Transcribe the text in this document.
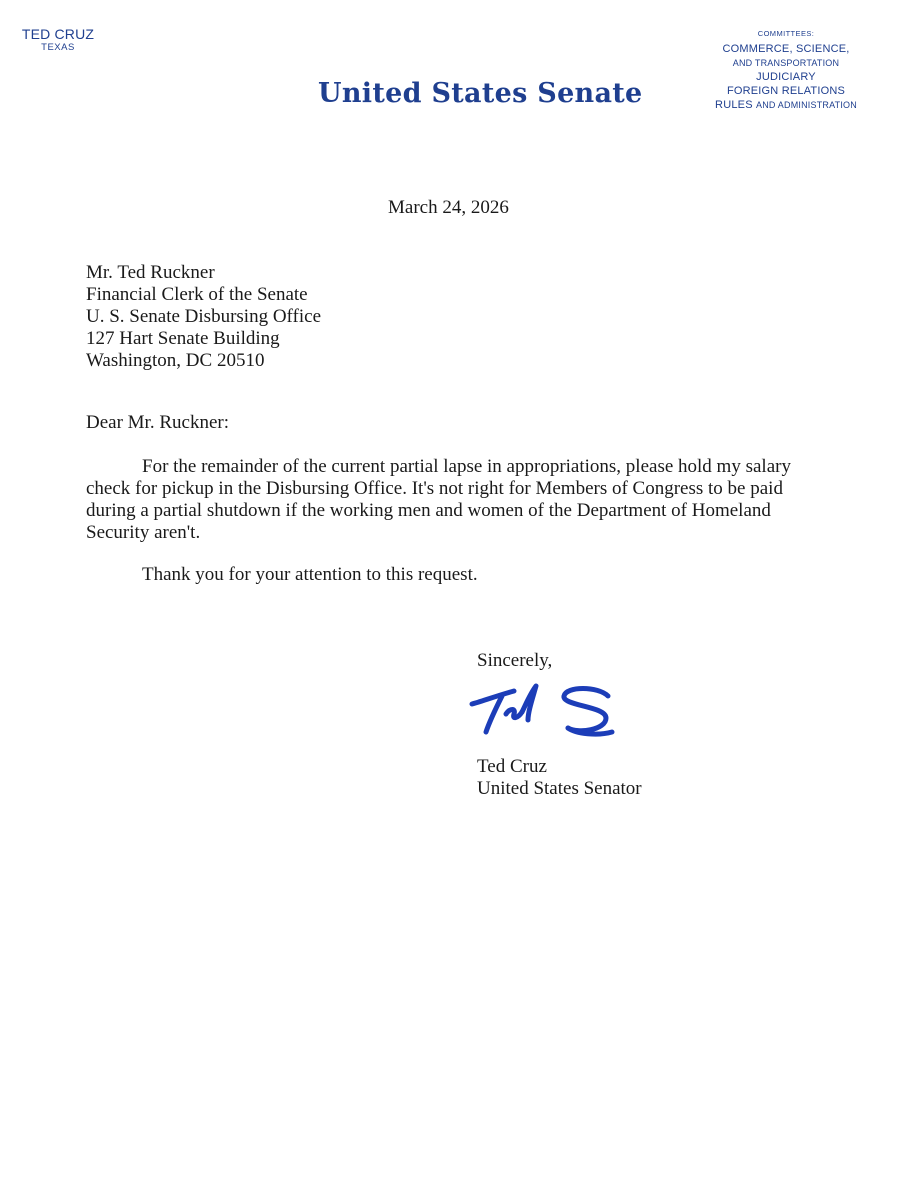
TED CRUZ
TEXAS
United States Senate
COMMITTEES:
COMMERCE, SCIENCE,
AND TRANSPORTATION
JUDICIARY
FOREIGN RELATIONS
RULES AND ADMINISTRATION
March 24, 2026
Mr. Ted Ruckner
Financial Clerk of the Senate
U. S. Senate Disbursing Office
127 Hart Senate Building
Washington, DC 20510
Dear Mr. Ruckner:

For the remainder of the current partial lapse in appropriations, please hold my salary check for pickup in the Disbursing Office. It's not right for Members of Congress to be paid during a partial shutdown if the working men and women of the Department of Homeland Security aren't.

Thank you for your attention to this request.
Sincerely,
Ted Cruz
United States Senator
